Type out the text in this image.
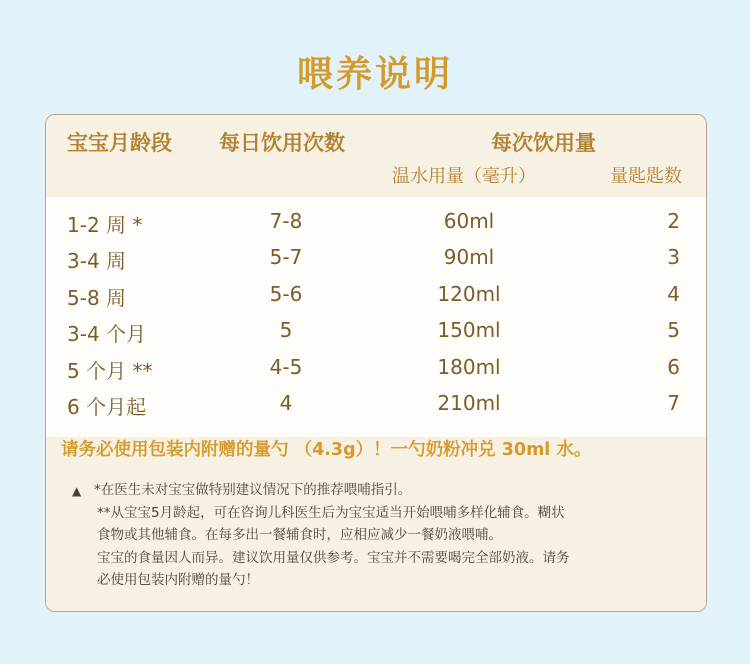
喂养说明
宝宝月龄段 每日饮用次数	每次饮用量
温水用量（毫升）	量匙匙数
1-2 周 *	7-8	60ml	2
3-4 周	5-7	90ml	3
5-8 周	5-6	120ml	4
3-4 个月	5	150ml	5
5 个月 **	4-5	180ml	6
6 个月起	4	210ml	7
请务必使用包装内附赠的量勺 （4.3g）！一勺奶粉冲兑 30ml 水。
▲ *在医生未对宝宝做特别建议情况下的推荐喂哺指引。
**从宝宝5月龄起，可在咨询儿科医生后为宝宝适当开始喂哺多样化辅食。糊状
食物或其他辅食。在每多出一餐辅食时，应相应减少一餐奶液喂哺。
宝宝的食量因人而异。建议饮用量仅供参考。宝宝并不需要喝完全部奶液。请务
必使用包装内附赠的量勺！
